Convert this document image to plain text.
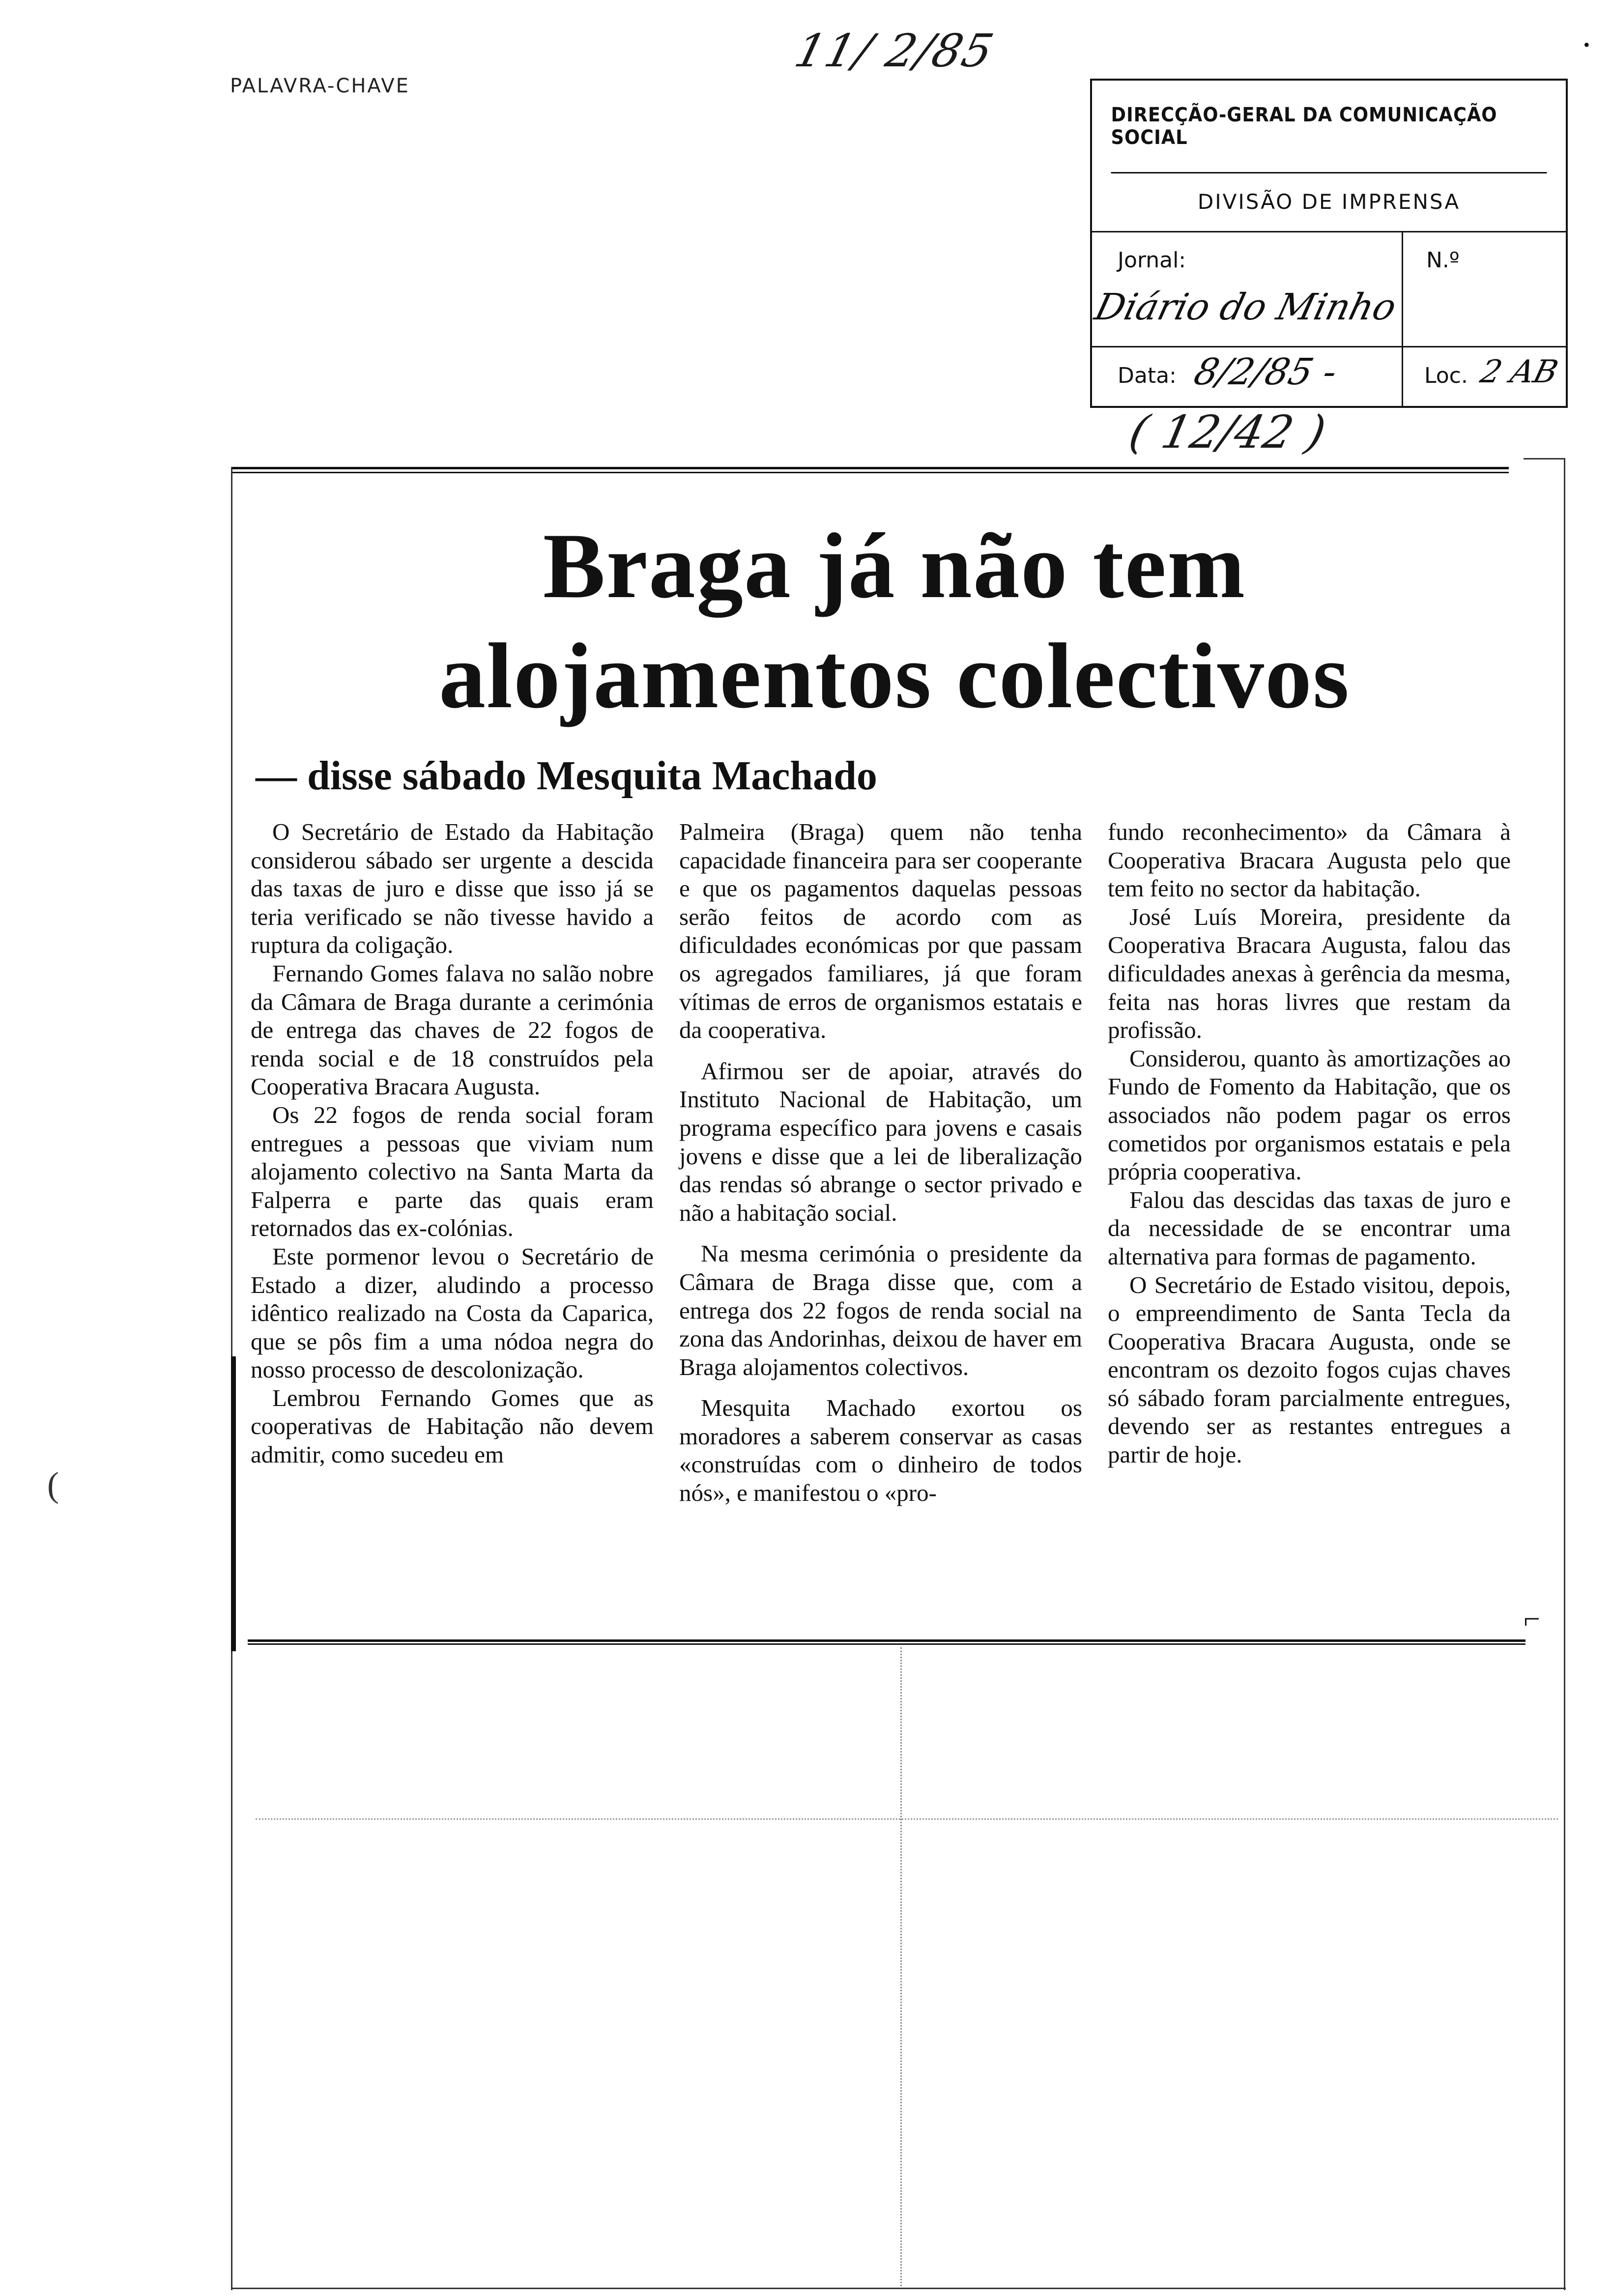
PALAVRA-CHAVE
11/ 2/85	•
DIRECÇÃO-GERAL DA COMUNICAÇÃO SOCIAL
DIVISÃO DE IMPRENSA
Jornal:
Diário do Minho
N.º
Data: 8/2/85 -	Loc. 2 AB
( 12/42 )
Braga já não tem
alojamentos colectivos
— disse sábado Mesquita Machado

O Secretário de Estado da Habitação considerou sábado ser urgente a descida das taxas de juro e disse que isso já se teria verificado se não tivesse havido a ruptura da coligação.

Fernando Gomes falava no salão nobre da Câmara de Braga durante a cerimónia de entrega das chaves de 22 fogos de renda social e de 18 construídos pela Cooperativa Bracara Augusta.

Os 22 fogos de renda social foram entregues a pessoas que viviam num alojamento colectivo na Santa Marta da Falperra e parte das quais eram retornados das ex-colónias.

Este pormenor levou o Secretário de Estado a dizer, aludindo a processo idêntico realizado na Costa da Caparica, que se pôs fim a uma nódoa negra do nosso processo de descolonização.

Lembrou Fernando Gomes que as cooperativas de Habitação não devem admitir, como sucedeu em

Palmeira (Braga) quem não tenha capacidade financeira para ser cooperante e que os pagamentos daquelas pessoas serão feitos de acordo com as dificuldades económicas por que passam os agregados familiares, já que foram vítimas de erros de organismos estatais e da cooperativa.

Afirmou ser de apoiar, através do Instituto Nacional de Habitação, um programa específico para jovens e casais jovens e disse que a lei de liberalização das rendas só abrange o sector privado e não a habitação social.

Na mesma cerimónia o presidente da Câmara de Braga disse que, com a entrega dos 22 fogos de renda social na zona das Andorinhas, deixou de haver em Braga alojamentos colectivos.

Mesquita Machado exortou os moradores a saberem conservar as casas «construídas com o dinheiro de todos nós», e manifestou o «pro-

fundo reconhecimento» da Câmara à Cooperativa Bracara Augusta pelo que tem feito no sector da habitação.

José Luís Moreira, presidente da Cooperativa Bracara Augusta, falou das dificuldades anexas à gerência da mesma, feita nas horas livres que restam da profissão.

Considerou, quanto às amortizações ao Fundo de Fomento da Habitação, que os associados não podem pagar os erros cometidos por organismos estatais e pela própria cooperativa.

Falou das descidas das taxas de juro e da necessidade de se encontrar uma alternativa para formas de pagamento.

O Secretário de Estado visitou, depois, o empreendimento de Santa Tecla da Cooperativa Bracara Augusta, onde se encontram os dezoito fogos cujas chaves só sábado foram parcialmente entregues, devendo ser as restantes entregues a partir de hoje.

⌐
(
